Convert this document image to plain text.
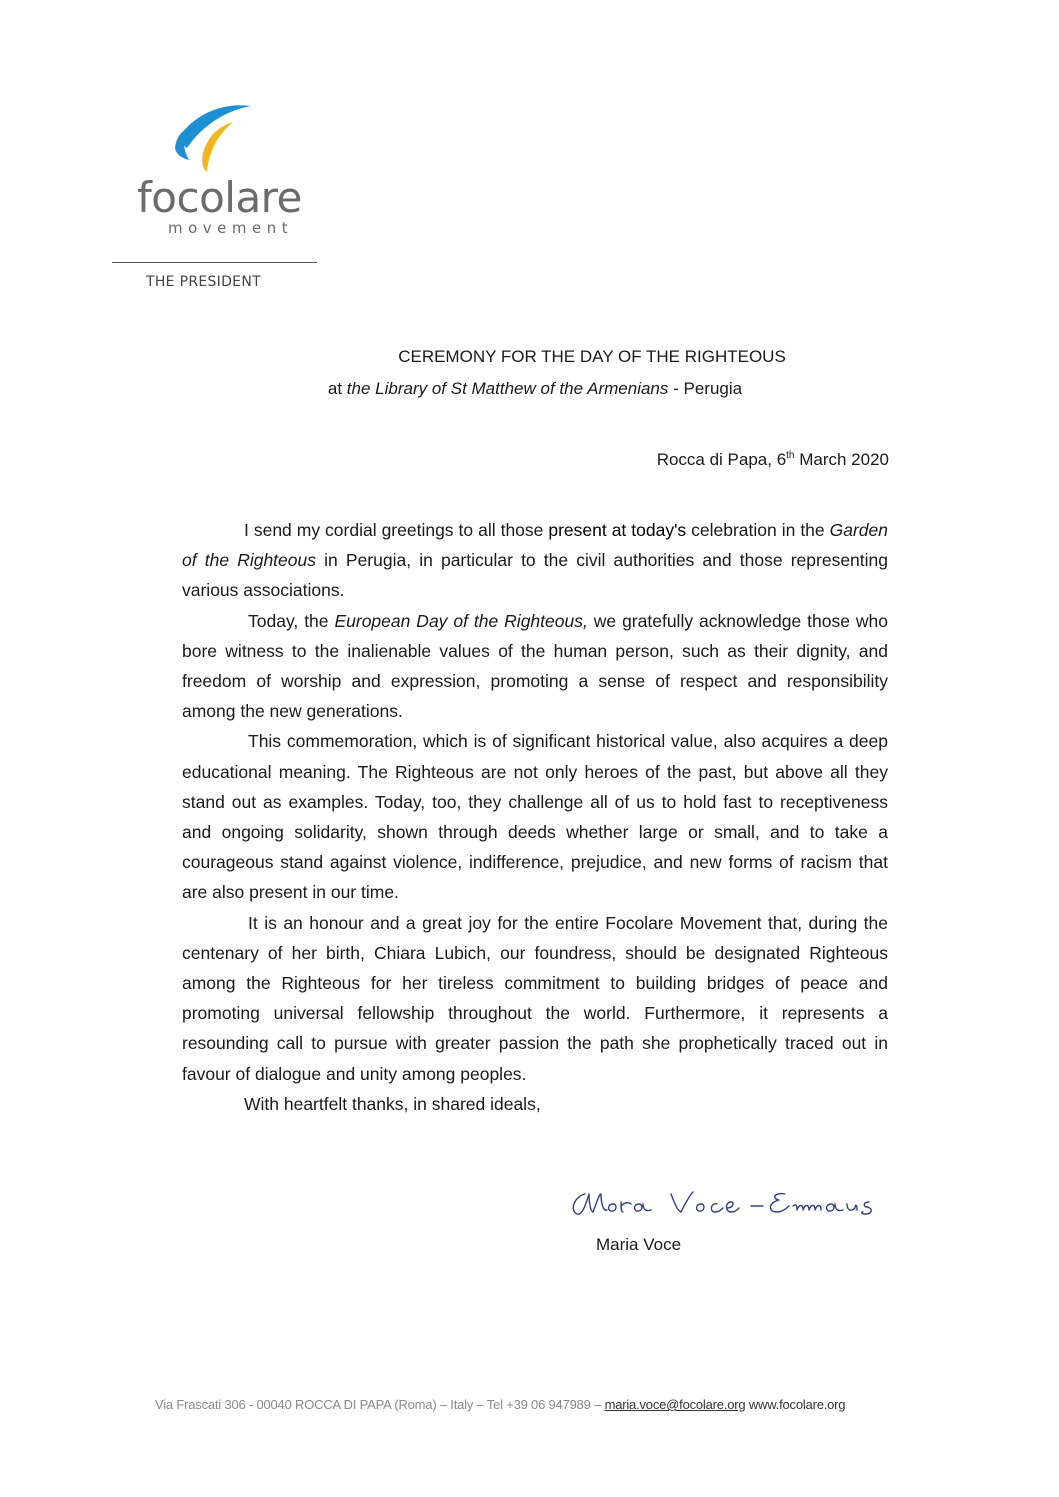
focolare
movement
THE PRESIDENT
CEREMONY FOR THE DAY OF THE RIGHTEOUS
at the Library of St Matthew of the Armenians - Perugia
Rocca di Papa, 6th March 2020

I send my cordial greetings to all those present at today's celebration in the Garden of the Righteous in Perugia, in particular to the civil authorities and those representing various associations.

Today, the European Day of the Righteous, we gratefully acknowledge those who bore witness to the inalienable values of the human person, such as their dignity, and freedom of worship and expression, promoting a sense of respect and responsibility among the new generations.

This commemoration, which is of significant historical value, also acquires a deep educational meaning. The Righteous are not only heroes of the past, but above all they stand out as examples. Today, too, they challenge all of us to hold fast to receptiveness and ongoing solidarity, shown through deeds whether large or small, and to take a courageous stand against violence, indifference, prejudice, and new forms of racism that are also present in our time.

It is an honour and a great joy for the entire Focolare Movement that, during the centenary of her birth, Chiara Lubich, our foundress, should be designated Righteous among the Righteous for her tireless commitment to building bridges of peace and promoting universal fellowship throughout the world. Furthermore, it represents a resounding call to pursue with greater passion the path she prophetically traced out in favour of dialogue and unity among peoples.

With heartfelt thanks, in shared ideals,

Maria Voce
Via Frascati 306 - 00040 ROCCA DI PAPA (Roma) – Italy – Tel +39 06 947989 – maria.voce@focolare.org www.focolare.org
